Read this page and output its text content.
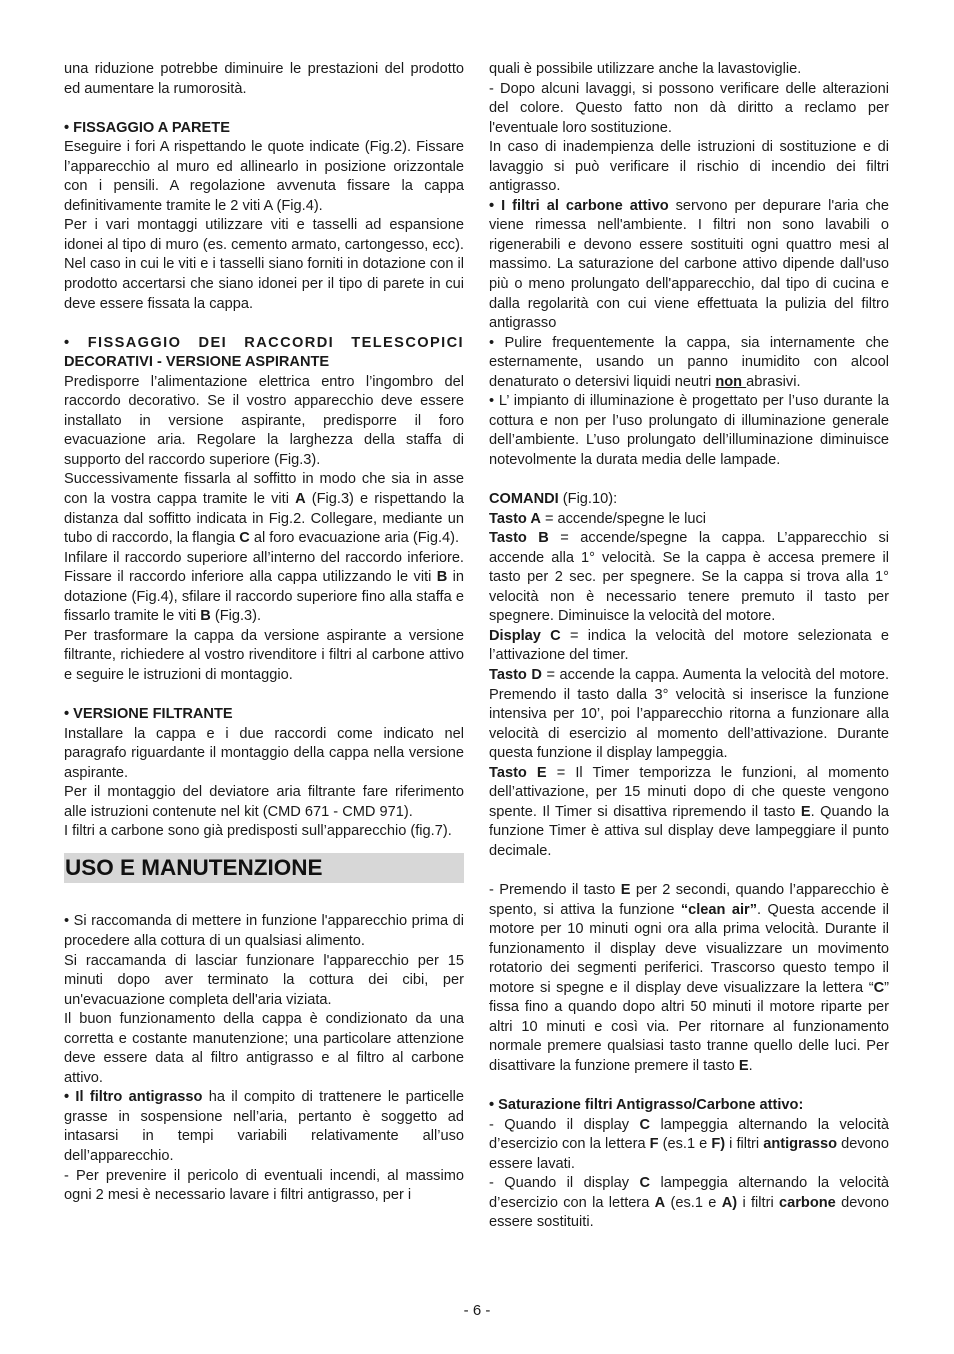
una riduzione potrebbe diminuire le prestazioni del prodotto ed aumentare la rumorosità.

• FISSAGGIO A PARETE

Eseguire i fori A rispettando le quote indicate (Fig.2). Fissare l’apparecchio al muro ed allinearlo in posizione orizzontale con i pensili. A regolazione avvenuta fissare la cappa definitivamente tramite le 2 viti A (Fig.4).

Per i vari montaggi utilizzare viti e tasselli ad espansione idonei al tipo di muro (es. cemento armato, cartongesso, ecc). Nel caso in cui le viti e i tasselli siano forniti in dotazione con il prodotto accertarsi che siano idonei per il tipo di parete in cui deve essere fissata la cappa.

• FISSAGGIO DEI RACCORDI TELESCOPICI

DECORATIVI - VERSIONE ASPIRANTE

Predisporre l’alimentazione elettrica entro l’ingombro del raccordo decorativo. Se il vostro apparecchio deve essere installato in versione aspirante, predisporre il foro evacuazione aria. Regolare la larghezza della staffa di supporto del raccordo superiore (Fig.3).

Successivamente fissarla al soffitto in modo che sia in asse con la vostra cappa tramite le viti A (Fig.3) e rispettando la distanza dal soffitto indicata in Fig.2. Collegare, mediante un tubo di raccordo, la flangia C al foro evacuazione aria (Fig.4).

Infilare il raccordo superiore all’interno del raccordo inferiore. Fissare il raccordo inferiore alla cappa utilizzando le viti B in dotazione (Fig.4), sfilare il raccordo superiore fino alla staffa e fissarlo tramite le viti B (Fig.3).

Per trasformare la cappa da versione aspirante a versione filtrante, richiedere al vostro rivenditore i filtri al carbone attivo e seguire le istruzioni di montaggio.

• VERSIONE FILTRANTE

Installare la cappa e i due raccordi come indicato nel paragrafo riguardante il montaggio della cappa nella versione aspirante.

Per il montaggio del deviatore aria filtrante fare riferimento alle istruzioni contenute nel kit (CMD 671 - CMD 971).

I filtri a carbone sono già predisposti sull’apparecchio (fig.7).

USO E MANUTENZIONE

• Si raccomanda di mettere in funzione l'apparecchio prima di procedere alla cottura di un qualsiasi alimento.

Si raccamanda di lasciar funzionare l'apparecchio per 15 minuti dopo aver terminato la cottura dei cibi, per un'evacuazione completa dell'aria viziata.

Il buon funzionamento della cappa è condizionato da una corretta e costante manutenzione; una particolare attenzione deve essere data al filtro antigrasso e al filtro al carbone attivo.

• Il filtro antigrasso ha il compito di trattenere le particelle grasse in sospensione nell’aria, pertanto è soggetto ad intasarsi in tempi variabili relativamente all’uso dell’apparecchio.

- Per prevenire il pericolo di eventuali incendi, al massimo ogni 2 mesi è necessario lavare i filtri antigrasso, per i

quali è possibile utilizzare anche la lavastoviglie.

- Dopo alcuni lavaggi, si possono verificare delle alterazioni del colore. Questo fatto non dà diritto a reclamo per l'eventuale loro sostituzione.

In caso di inadempienza delle istruzioni di sostituzione e di lavaggio si può verificare il rischio di incendio dei filtri antigrasso.

• I filtri al carbone attivo servono per depurare l'aria che viene rimessa nell'ambiente. I filtri non sono lavabili o rigenerabili e devono essere sostituiti ogni quattro mesi al massimo. La saturazione del carbone attivo dipende dall'uso più o meno prolungato dell'apparecchio, dal tipo di cucina e dalla regolarità con cui viene effettuata la pulizia del filtro antigrasso

• Pulire frequentemente la cappa, sia internamente che esternamente, usando un panno inumidito con alcool denaturato o detersivi liquidi neutri non abrasivi.

• L’ impianto di illuminazione è progettato per l’uso durante la cottura e non per l’uso prolungato di illuminazione generale dell’ambiente. L’uso prolungato dell’illuminazione diminuisce notevolmente la durata media delle lampade.

COMANDI (Fig.10):

Tasto A = accende/spegne le luci

Tasto B = accende/spegne la cappa. L’apparecchio si accende alla 1° velocità. Se la cappa è accesa premere il tasto per 2 sec. per spegnere. Se la cappa si trova alla 1° velocità non è necessario tenere premuto il tasto per spegnere. Diminuisce la velocità del motore.

Display C = indica la velocità del motore selezionata e l’attivazione del timer.

Tasto D = accende la cappa. Aumenta la velocità del motore. Premendo il tasto dalla 3° velocità si inserisce la funzione intensiva per 10’, poi l’apparecchio ritorna a funzionare alla velocità di esercizio al momento dell’attivazione. Durante questa funzione il display lampeggia.

Tasto E = Il Timer temporizza le funzioni, al momento dell’attivazione, per 15 minuti dopo di che queste vengono spente. Il Timer si disattiva ripremendo il tasto E. Quando la funzione Timer è attiva sul display deve lampeggiare il punto decimale.

- Premendo il tasto E per 2 secondi, quando l’apparecchio è spento, si attiva la funzione “clean air”. Questa accende il motore per 10 minuti ogni ora alla prima velocità. Durante il funzionamento il display deve visualizzare un movimento rotatorio dei segmenti periferici. Trascorso questo tempo il motore si spegne e il display deve visualizzare la lettera “C” fissa fino a quando dopo altri 50 minuti il motore riparte per altri 10 minuti e così via. Per ritornare al funzionamento normale premere qualsiasi tasto tranne quello delle luci. Per disattivare la funzione premere il tasto E.

• Saturazione filtri Antigrasso/Carbone attivo:

- Quando il display C lampeggia alternando la velocità d’esercizio con la lettera F (es.1 e F) i filtri antigrasso devono essere lavati.

- Quando il display C lampeggia alternando la velocità d’esercizio con la lettera A (es.1 e A) i filtri carbone devono essere sostituiti.

- 6 -
